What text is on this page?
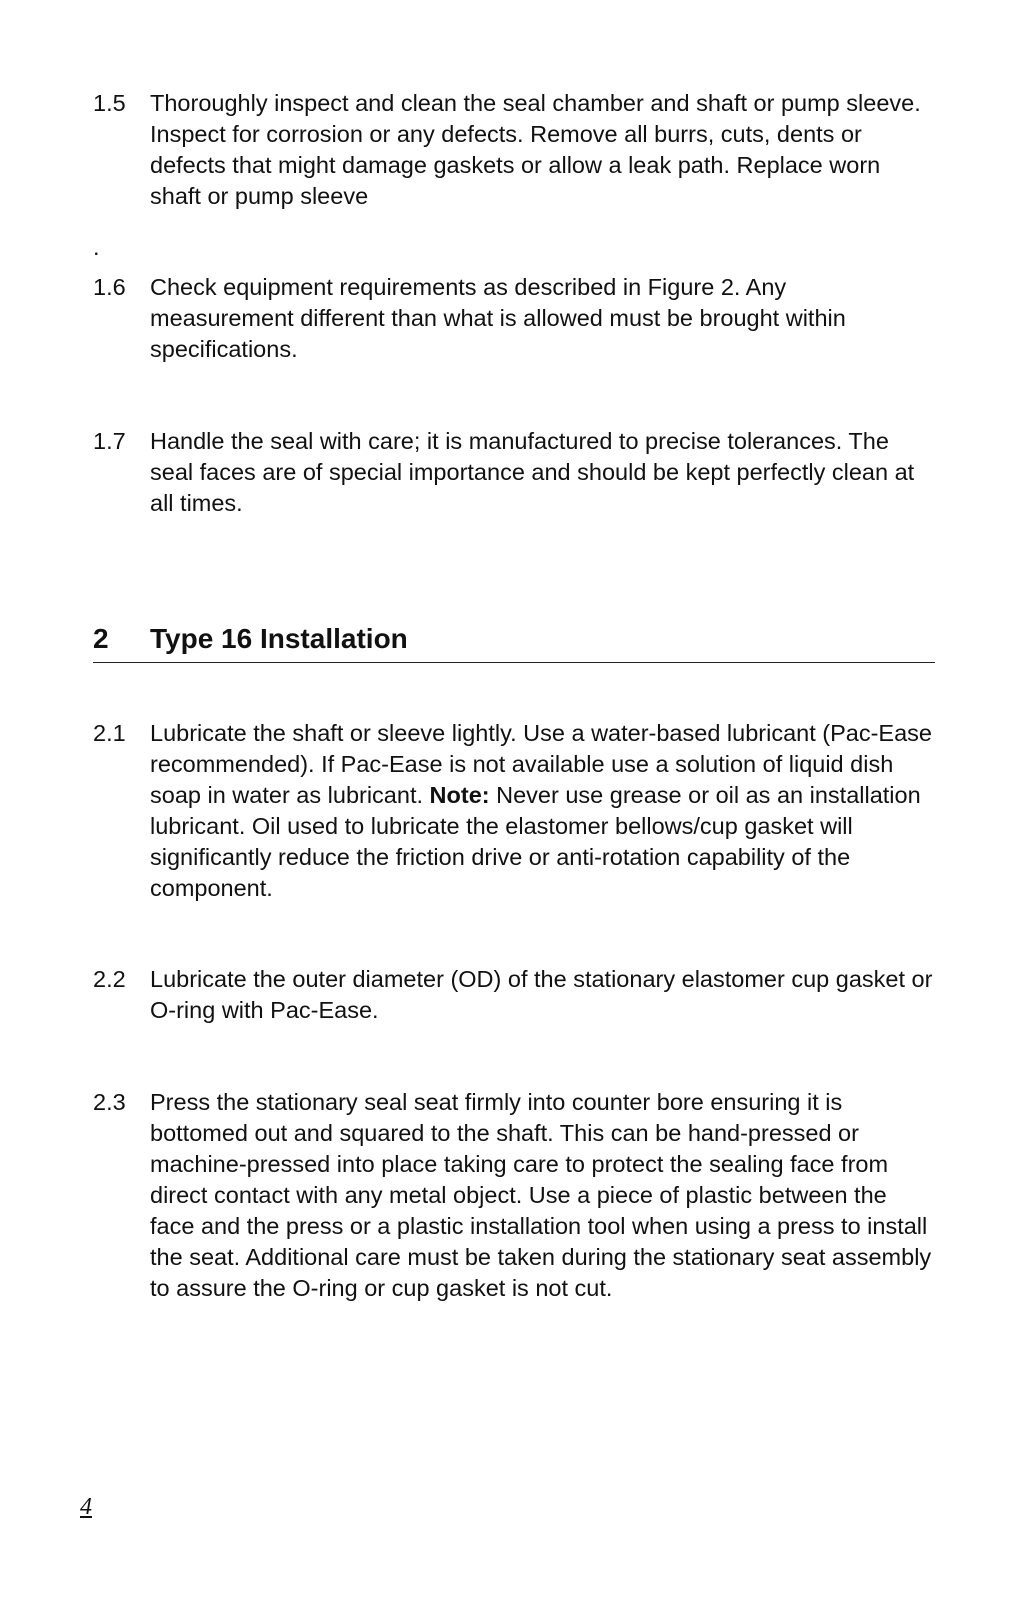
1.5 Thoroughly inspect and clean the seal chamber and shaft or pump sleeve. Inspect for corrosion or any defects. Remove all burrs, cuts, dents or defects that might damage gaskets or allow a leak path. Replace worn shaft or pump sleeve
.
1.6 Check equipment requirements as described in Figure 2. Any measurement different than what is allowed must be brought within specifications.
1.7 Handle the seal with care; it is manufactured to precise tolerances. The seal faces are of special importance and should be kept perfectly clean at all times.
2 Type 16 Installation
2.1 Lubricate the shaft or sleeve lightly. Use a water-based lubricant (Pac-Ease recommended). If Pac-Ease is not available use a solution of liquid dish soap in water as lubricant. Note: Never use grease or oil as an installation lubricant. Oil used to lubricate the elastomer bellows/cup gasket will significantly reduce the friction drive or anti-rotation capability of the component.
2.2 Lubricate the outer diameter (OD) of the stationary elastomer cup gasket or O-ring with Pac-Ease.
2.3 Press the stationary seal seat firmly into counter bore ensuring it is bottomed out and squared to the shaft. This can be hand-pressed or machine-pressed into place taking care to protect the sealing face from direct contact with any metal object. Use a piece of plastic between the face and the press or a plastic installation tool when using a press to install the seat. Additional care must be taken during the stationary seat assembly to assure the O-ring or cup gasket is not cut.
4
